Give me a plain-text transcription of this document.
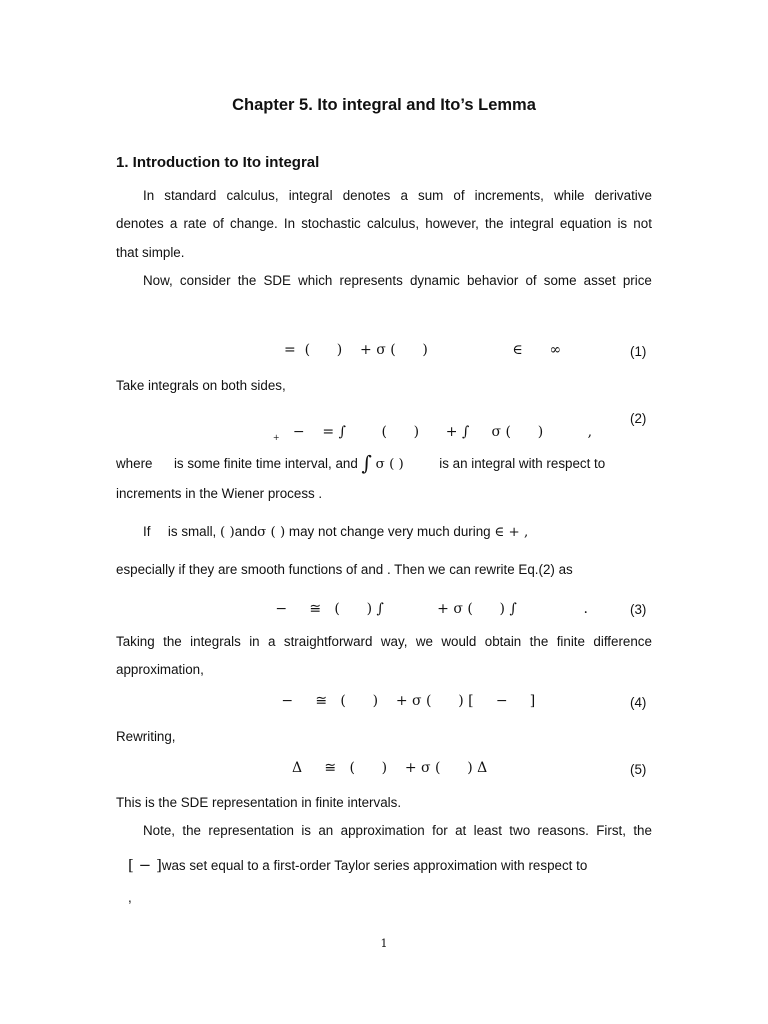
Chapter 5. Ito integral and Ito’s Lemma
1. Introduction to Ito integral
In standard calculus, integral denotes a sum of increments, while derivative
denotes a rate of change. In stochastic calculus, however, the integral equation is not
that simple.
Now, consider the SDE which represents dynamic behavior of some asset price
=  (      )    + σ (      )                   ∈      ∞	(1)
Take integrals on both sides,

$_+$   −    = ∫        (      )      + ∫     σ (      )          ,

(2)
where is some finite time interval, and ∫ σ ( )	is an integral with respect to
increments in the Wiener process .
If is small, ( )andσ ( ) may not change very much during ∈ + ,
especially if they are smooth functions of and . Then we can rewrite Eq.(2) as
−     ≅   (      ) ∫            + σ (      ) ∫               .	(3)
Taking the integrals in a straightforward way, we would obtain the finite difference
approximation,
−     ≅   (      )    + σ (      ) [     −     ]	(4)
Rewriting,
Δ     ≅   (      )    + σ (      ) Δ	(5)
This is the SDE representation in finite intervals.
Note, the representation is an approximation for at least two reasons. First, the
[ − ]was set equal to a first-order Taylor series approximation with respect to
,
1
